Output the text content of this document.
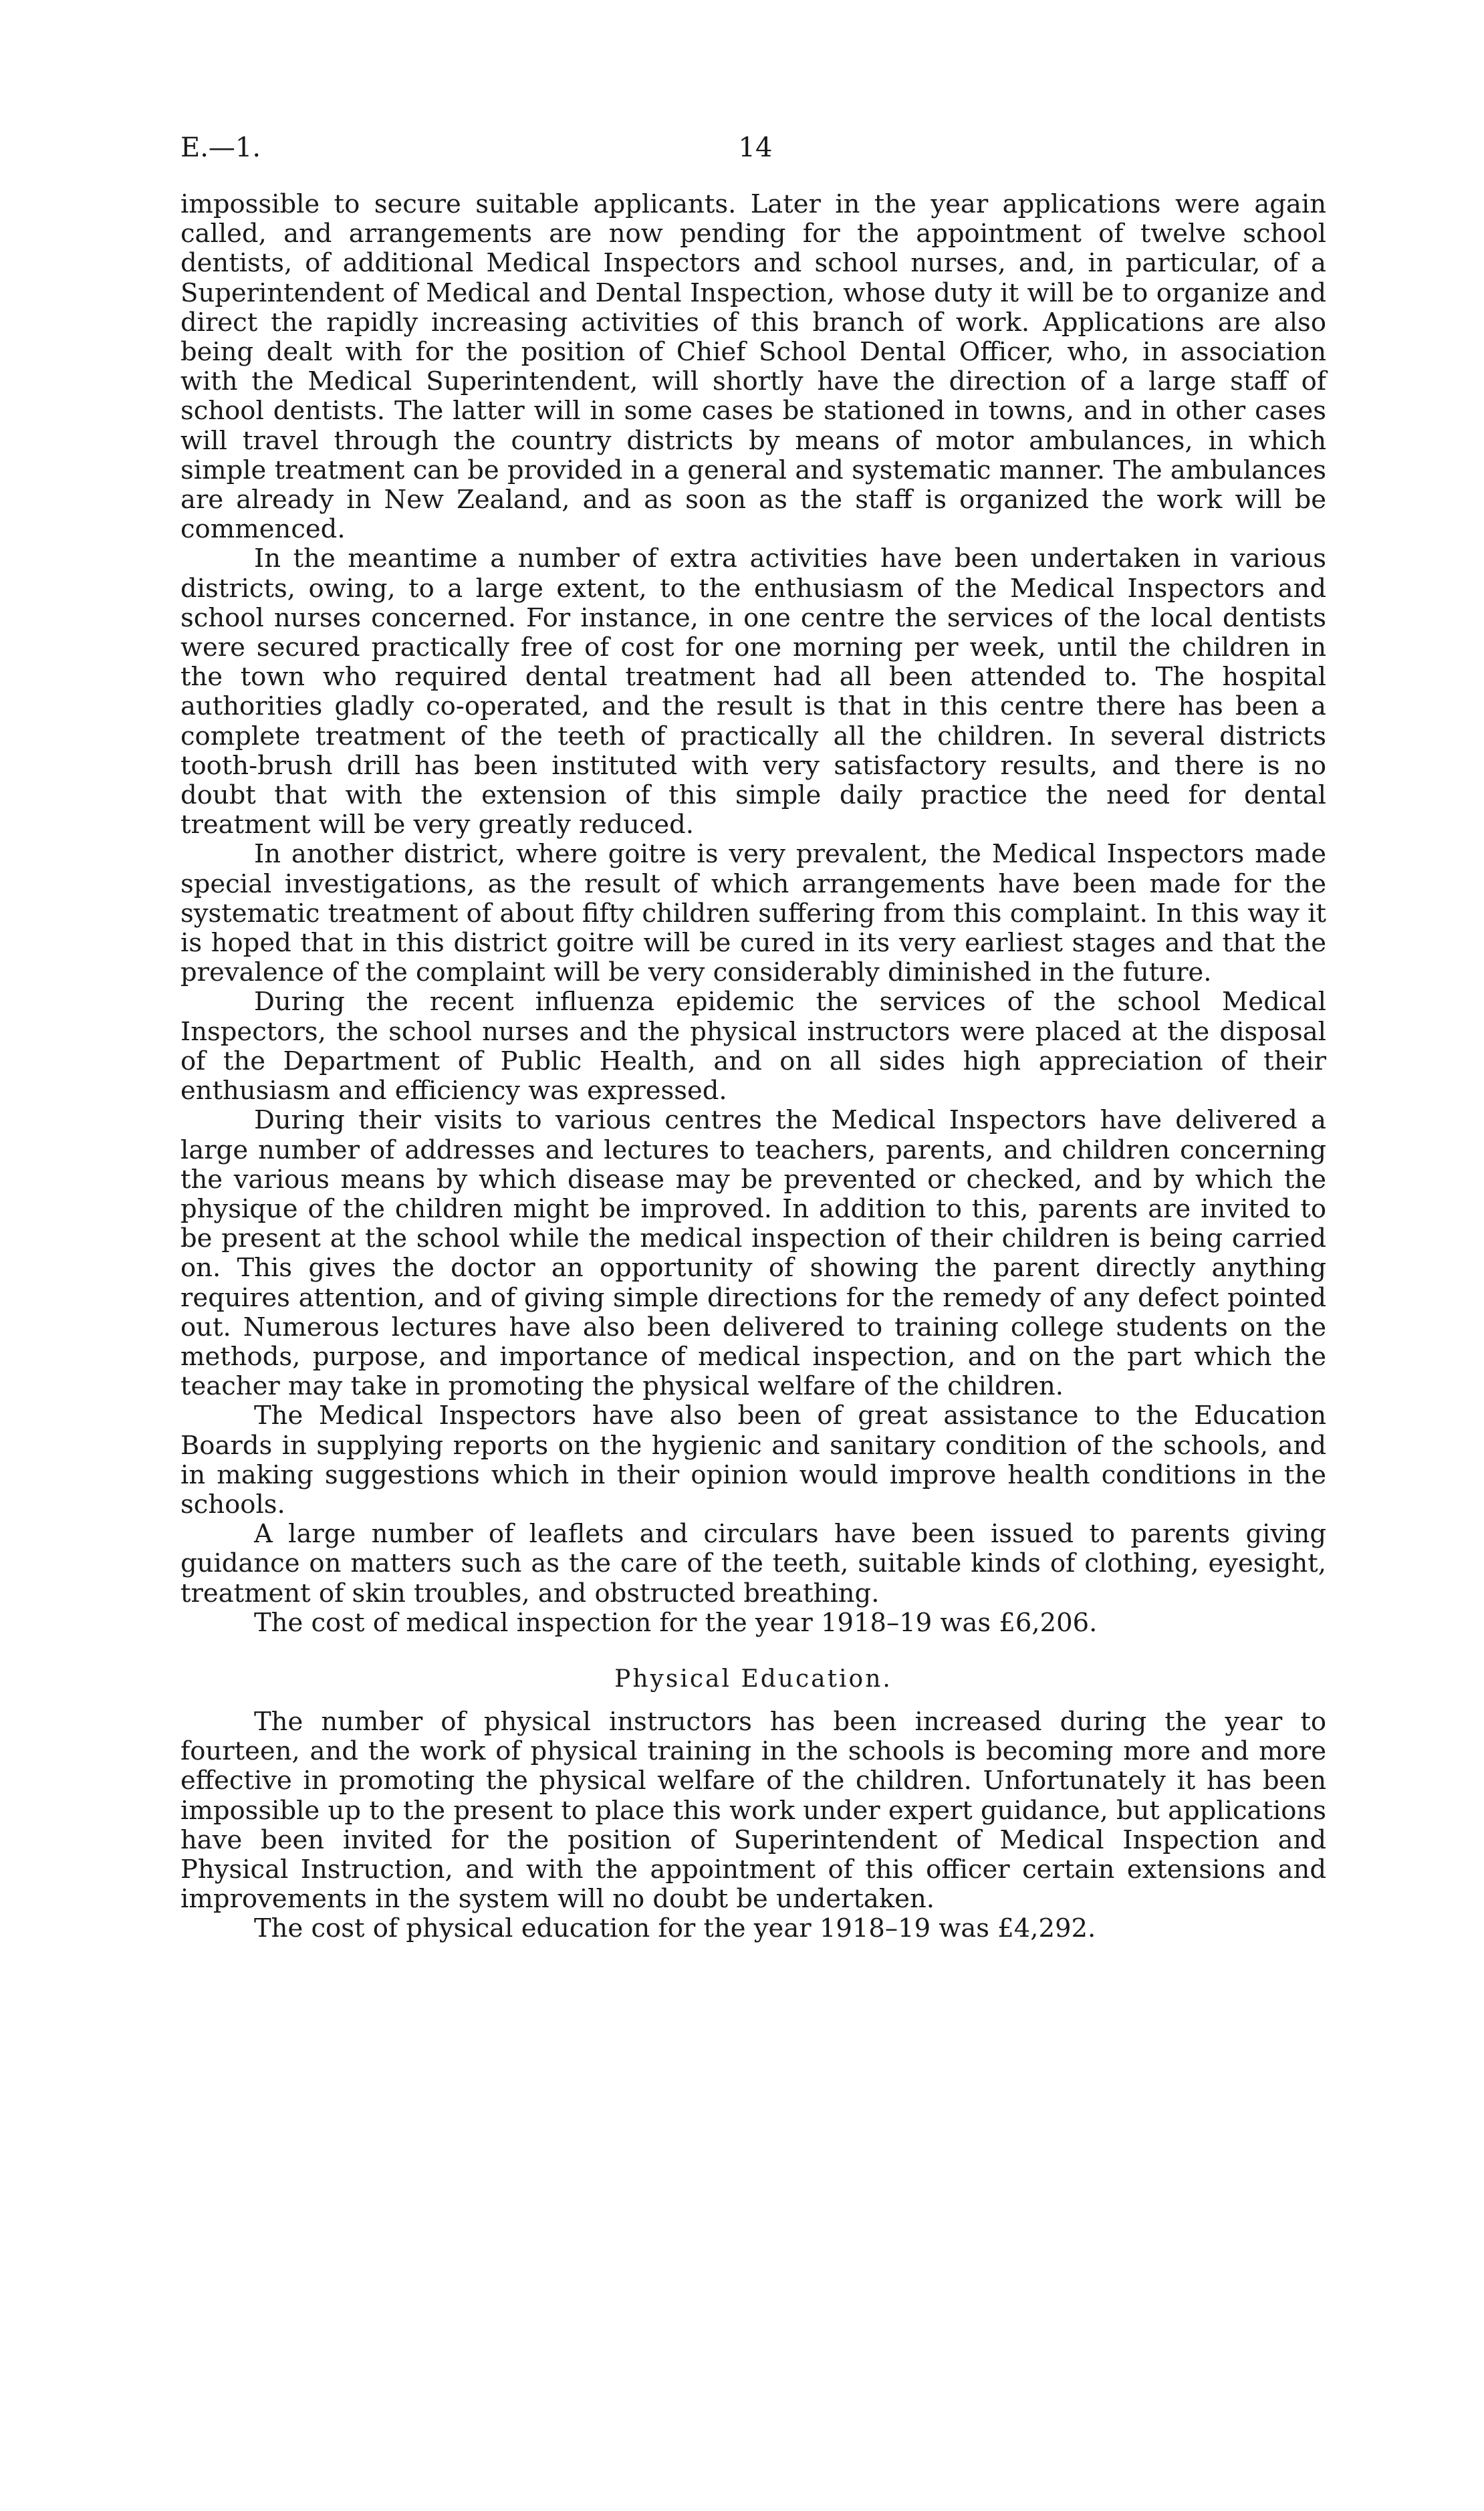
E.—1.	14

impossible to secure suitable applicants. Later in the year applications were again called, and arrangements are now pending for the appointment of twelve school dentists, of additional Medical Inspectors and school nurses, and, in particular, of a Superintendent of Medical and Dental Inspection, whose duty it will be to organize and direct the rapidly increasing activities of this branch of work. Applications are also being dealt with for the position of Chief School Dental Officer, who, in association with the Medical Superintendent, will shortly have the direction of a large staff of school dentists. The latter will in some cases be stationed in towns, and in other cases will travel through the country districts by means of motor ambulances, in which simple treatment can be provided in a general and systematic manner. The ambulances are already in New Zealand, and as soon as the staff is organized the work will be commenced.

In the meantime a number of extra activities have been undertaken in various districts, owing, to a large extent, to the enthusiasm of the Medical Inspectors and school nurses concerned. For instance, in one centre the services of the local dentists were secured practically free of cost for one morning per week, until the children in the town who required dental treatment had all been attended to. The hospital authorities gladly co-operated, and the result is that in this centre there has been a complete treatment of the teeth of practically all the children. In several districts tooth-brush drill has been instituted with very satisfactory results, and there is no doubt that with the extension of this simple daily practice the need for dental treatment will be very greatly reduced.

In another district, where goitre is very prevalent, the Medical Inspectors made special investigations, as the result of which arrangements have been made for the systematic treatment of about fifty children suffering from this complaint. In this way it is hoped that in this district goitre will be cured in its very earliest stages and that the prevalence of the complaint will be very considerably diminished in the future.

During the recent influenza epidemic the services of the school Medical Inspectors, the school nurses and the physical instructors were placed at the disposal of the Department of Public Health, and on all sides high appreciation of their enthusiasm and efficiency was expressed.

During their visits to various centres the Medical Inspectors have delivered a large number of addresses and lectures to teachers, parents, and children concerning the various means by which disease may be prevented or checked, and by which the physique of the children might be improved. In addition to this, parents are invited to be present at the school while the medical inspection of their children is being carried on. This gives the doctor an opportunity of showing the parent directly anything requires attention, and of giving simple directions for the remedy of any defect pointed out. Numerous lectures have also been delivered to training college students on the methods, purpose, and importance of medical inspection, and on the part which the teacher may take in promoting the physical welfare of the children.

The Medical Inspectors have also been of great assistance to the Education Boards in supplying reports on the hygienic and sanitary condition of the schools, and in making suggestions which in their opinion would improve health conditions in the schools.

A large number of leaflets and circulars have been issued to parents giving guidance on matters such as the care of the teeth, suitable kinds of clothing, eyesight, treatment of skin troubles, and obstructed breathing.

The cost of medical inspection for the year 1918–19 was £6,206.

Physical Education.

The number of physical instructors has been increased during the year to fourteen, and the work of physical training in the schools is becoming more and more effective in promoting the physical welfare of the children. Unfortunately it has been impossible up to the present to place this work under expert guidance, but applications have been invited for the position of Superintendent of Medical Inspection and Physical Instruction, and with the appointment of this officer certain extensions and improvements in the system will no doubt be undertaken.

The cost of physical education for the year 1918–19 was £4,292.
